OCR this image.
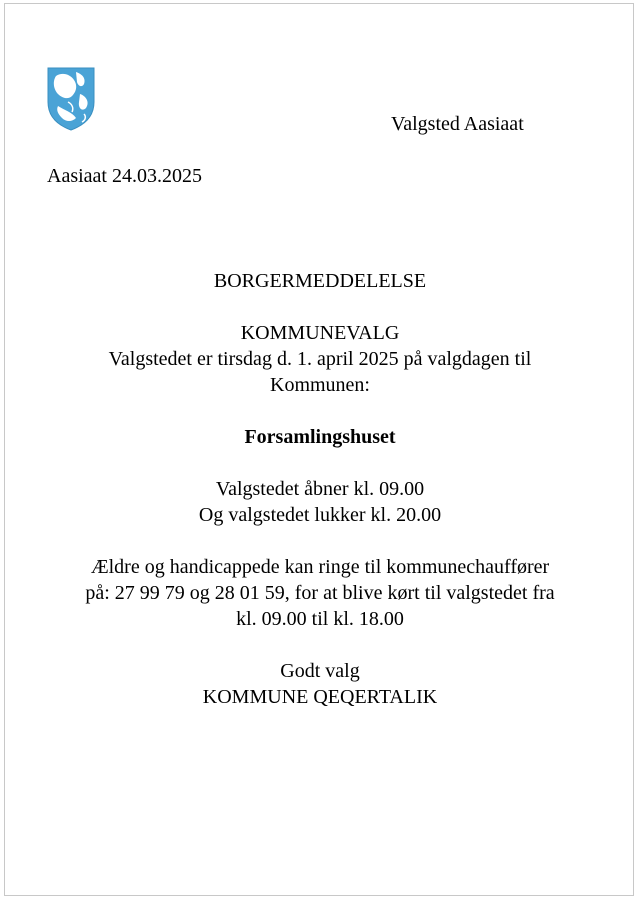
Valgsted Aasiaat
Aasiaat 24.03.2025

BORGERMEDDELELSE

KOMMUNEVALG

Valgstedet er tirsdag d. 1. april 2025 på valgdagen til

Kommunen:

Forsamlingshuset

Valgstedet åbner kl. 09.00

Og valgstedet lukker kl. 20.00

Ældre og handicappede kan ringe til kommunechauffører

på: 27 99 79 og 28 01 59, for at blive kørt til valgstedet fra

kl. 09.00 til kl. 18.00

Godt valg

KOMMUNE QEQERTALIK
